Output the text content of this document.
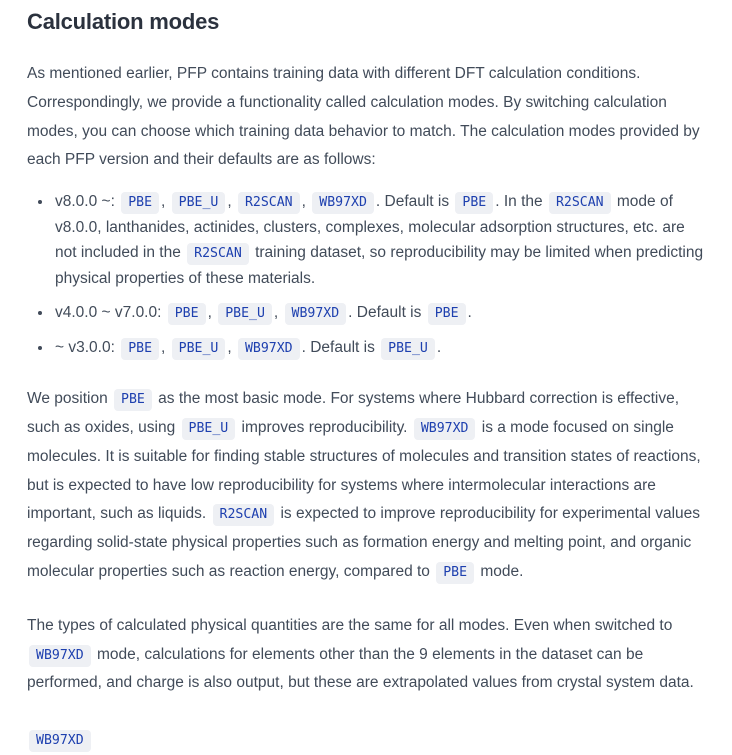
Calculation modes

As mentioned earlier, PFP contains training data with different DFT calculation conditions. Correspondingly, we provide a functionality called calculation modes. By switching calculation modes, you can choose which training data behavior to match. The calculation modes provided by each PFP version and their defaults are as follows:

• v8.0.0 ~: PBE , PBE_U , R2SCAN , WB97XD . Default is PBE . In the R2SCAN mode of v8.0.0, lanthanides, actinides, clusters, complexes, molecular adsorption structures, etc. are not included in the R2SCAN training dataset, so reproducibility may be limited when predicting physical properties of these materials.
• v4.0.0 ~ v7.0.0: PBE , PBE_U , WB97XD . Default is PBE .
• ~ v3.0.0: PBE , PBE_U , WB97XD . Default is PBE_U .

We position PBE as the most basic mode. For systems where Hubbard correction is effective, such as oxides, using PBE_U improves reproducibility. WB97XD is a mode focused on single molecules. It is suitable for finding stable structures of molecules and transition states of reactions, but is expected to have low reproducibility for systems where intermolecular interactions are important, such as liquids. R2SCAN is expected to improve reproducibility for experimental values regarding solid-state physical properties such as formation energy and melting point, and organic molecular properties such as reaction energy, compared to PBE mode.

The types of calculated physical quantities are the same for all modes. Even when switched to WB97XD mode, calculations for elements other than the 9 elements in the dataset can be performed, and charge is also output, but these are extrapolated values from crystal system data.

WB97XD
